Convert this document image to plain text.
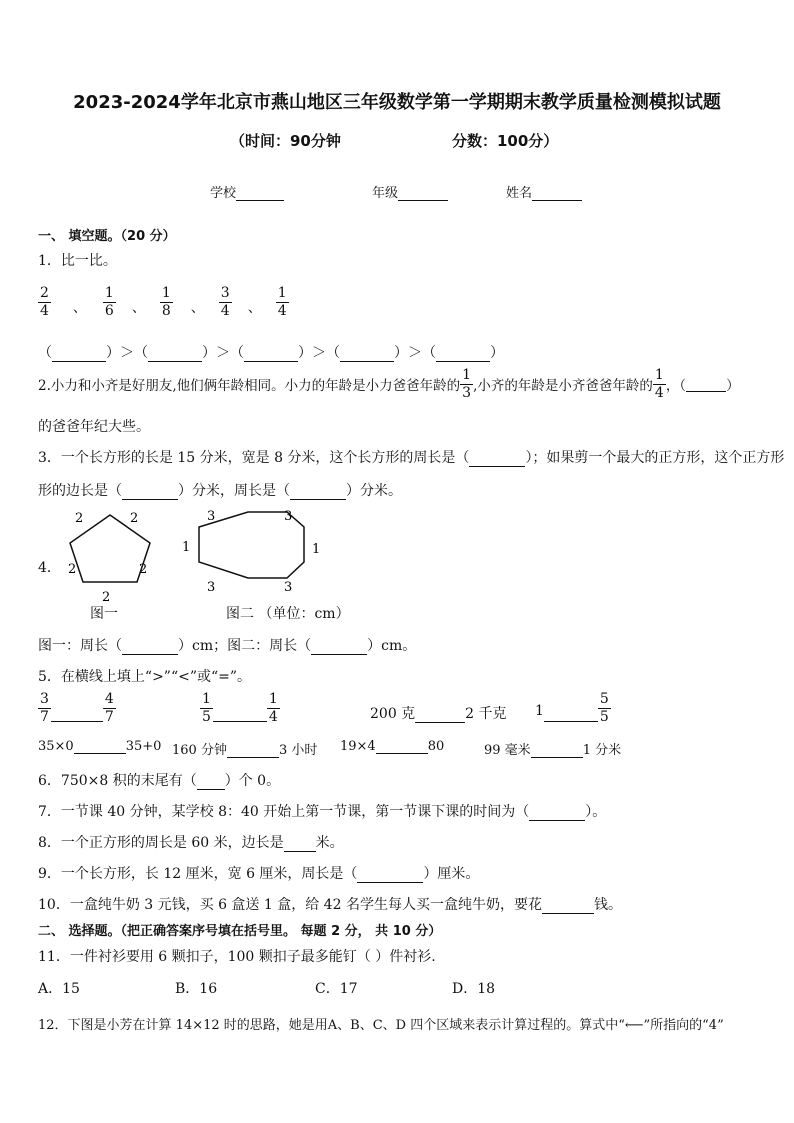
2023-2024学年北京市燕山地区三年级数学第一学期期末教学质量检测模拟试题
（时间：90分钟	分数：100分）
学校	年级	姓名
一、 填空题。（20 分）
1．比一比。
$\frac{2}{4}$ 、 $\frac{1}{6}$ 、 $\frac{1}{8}$ 、 $\frac{3}{4}$ 、 $\frac{1}{4}$
（	）＞（	）＞（	）＞（	）＞（	）
2.小力和小齐是好朋友,他们俩年龄相同。小力的年龄是小力爸爸年龄的 $\frac{1}{3}$ ,小齐的年龄是小齐爸爸年龄的 $\frac{1}{4}$ ，（	）
的爸爸年纪大些。
3．一个长方形的长是 15 分米，宽是 8 分米，这个长方形的周长是（	）；如果剪一个最大的正方形，这个正方形
形的边长是（	）分米，周长是（	）分米。
4．
2	2
2	2
2
3	3
1	1
3	3
图一	图二 （单位：cm）
图一：周长（	）cm；图二：周长（	）cm。
5．在横线上填上“>”“<”或“=”。
$\frac{3}{7}$	$\frac{4}{7}$	$\frac{1}{5}$	$\frac{1}{4}$	200 克	2 千克 1	$\frac{5}{5}$
35×0	35+0 160 分钟	3 小时 19×4	80	99 毫米	1 分米
6．750×8 积的末尾有（ ）个 0。
7．一节课 40 分钟，某学校 8：40 开始上第一节课，第一节课下课的时间为（	）。
8．一个正方形的周长是 60 米，边长是 米。
9．一个长方形，长 12 厘米，宽 6 厘米，周长是（	）厘米。
10．一盒纯牛奶 3 元钱，买 6 盒送 1 盒，给 42 名学生每人买一盒纯牛奶，要花	钱。
二、 选择题。（把正确答案序号填在括号里。 每题 2 分， 共 10 分）
11．一件衬衫要用 6 颗扣子，100 颗扣子最多能钉（ ）件衬衫.
A．15	B．16	C．17	D．18
12．下图是小芳在计算 14×12 时的思路，她是用A、B、C、D 四个区域来表示计算过程的。算式中“⟵”所指向的“4”
